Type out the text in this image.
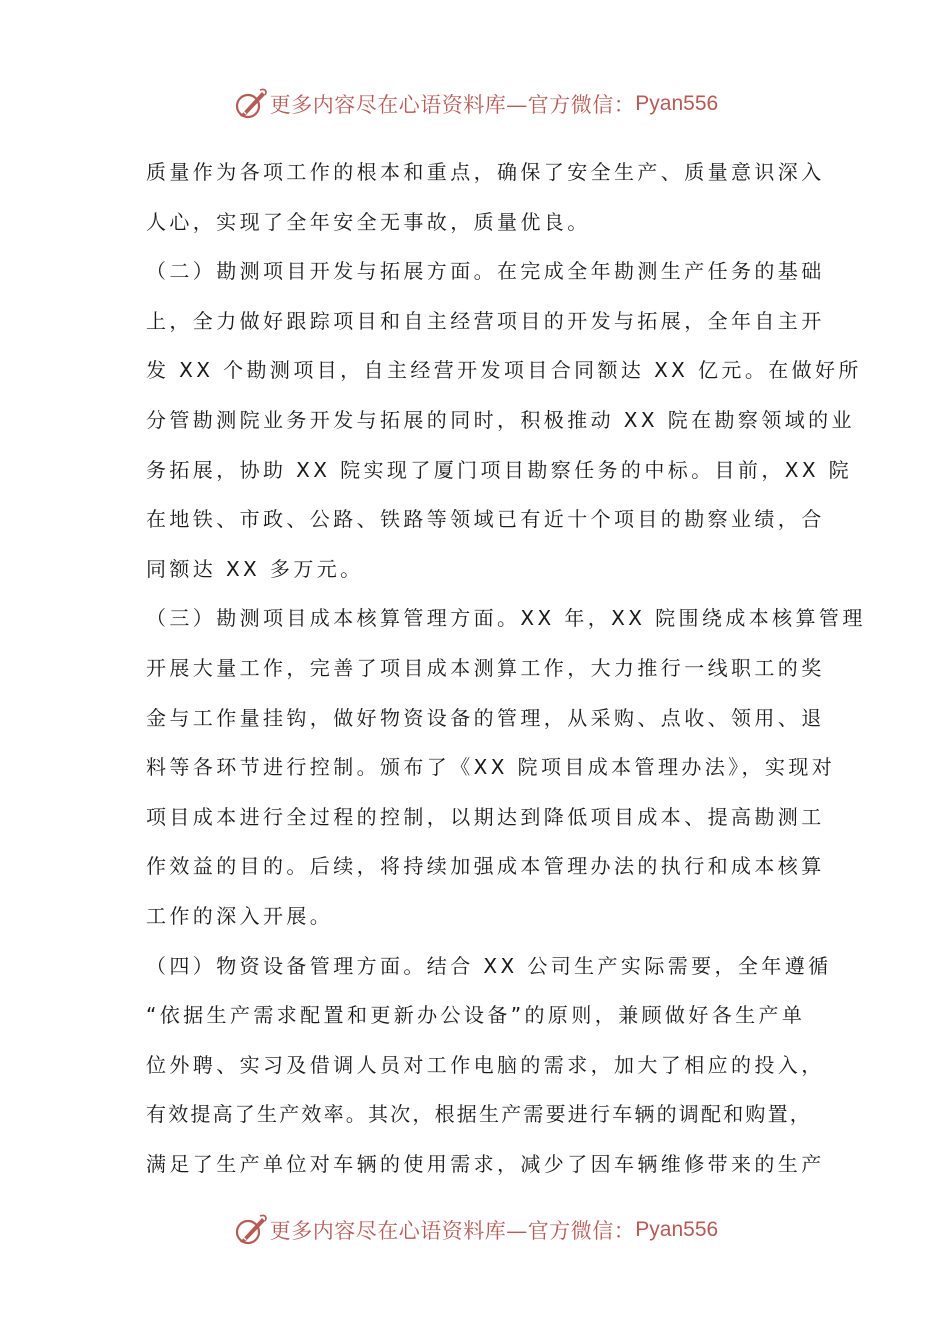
更多内容尽在心语资料库—官方微信： Pyan556
质量作为各项工作的根本和重点，确保了安全生产、质量意识深入
人心，实现了全年安全无事故，质量优良。
（二）勘测项目开发与拓展方面。在完成全年勘测生产任务的基础
上，全力做好跟踪项目和自主经营项目的开发与拓展，全年自主开
发 XX 个勘测项目，自主经营开发项目合同额达 XX 亿元。在做好所
分管勘测院业务开发与拓展的同时，积极推动 XX 院在勘察领域的业
务拓展，协助 XX 院实现了厦门项目勘察任务的中标。目前，XX 院
在地铁、市政、公路、铁路等领域已有近十个项目的勘察业绩，合
同额达 XX 多万元。
（三）勘测项目成本核算管理方面。XX 年，XX 院围绕成本核算管理
开展大量工作，完善了项目成本测算工作，大力推行一线职工的奖
金与工作量挂钩，做好物资设备的管理，从采购、点收、领用、退
料等各环节进行控制。颁布了《XX 院项目成本管理办法》，实现对
项目成本进行全过程的控制，以期达到降低项目成本、提高勘测工
作效益的目的。后续，将持续加强成本管理办法的执行和成本核算
工作的深入开展。
（四）物资设备管理方面。结合 XX 公司生产实际需要，全年遵循
“依据生产需求配置和更新办公设备”的原则，兼顾做好各生产单
位外聘、实习及借调人员对工作电脑的需求，加大了相应的投入，
有效提高了生产效率。其次，根据生产需要进行车辆的调配和购置，
满足了生产单位对车辆的使用需求，减少了因车辆维修带来的生产
更多内容尽在心语资料库—官方微信： Pyan556
